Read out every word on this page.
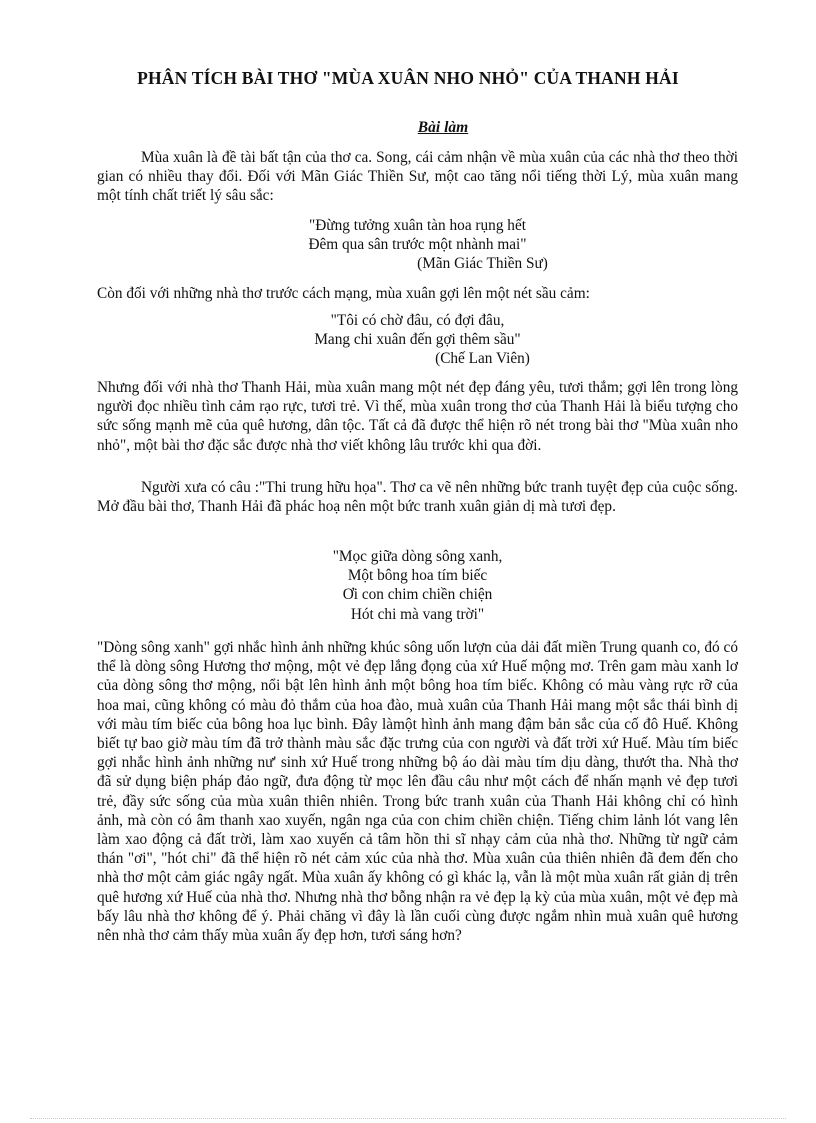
PHÂN TÍCH BÀI THƠ "MÙA XUÂN NHO NHỎ" CỦA THANH HẢI
Bài làm

Mùa xuân là đề tài bất tận của thơ ca. Song, cái cảm nhận về mùa xuân của các nhà thơ theo thời gian có nhiều thay đổi. Đối với Mãn Giác Thiền Sư, một cao tăng nổi tiếng thời Lý, mùa xuân mang một tính chất triết lý sâu sắc:

"Đừng tưởng xuân tàn hoa rụng hết
Đêm qua sân trước một nhành mai"
(Mãn Giác Thiền Sư)

Còn đối với những nhà thơ trước cách mạng, mùa xuân gợi lên một nét sầu cảm:

"Tôi có chờ đâu, có đợi đâu,
Mang chi xuân đến gợi thêm sầu"
(Chế Lan Viên)

Nhưng đối với nhà thơ Thanh Hải, mùa xuân mang một nét đẹp đáng yêu, tươi thắm; gợi lên trong lòng người đọc nhiều tình cảm rạo rực, tươi trẻ. Vì thế, mùa xuân trong thơ của Thanh Hải là biểu tượng cho sức sống mạnh mẽ của quê hương, dân tộc. Tất cả đã được thể hiện rõ nét trong bài thơ "Mùa xuân nho nhỏ", một bài thơ đặc sắc được nhà thơ viết không lâu trước khi qua đời.

Người xưa có câu :"Thi trung hữu họa". Thơ ca vẽ nên những bức tranh tuyệt đẹp của cuộc sống. Mở đầu bài thơ, Thanh Hải đã phác hoạ nên một bức tranh xuân giản dị mà tươi đẹp.

"Mọc giữa dòng sông xanh,
Một bông hoa tím biếc
Ơi con chim chiền chiện
Hót chi mà vang trời"

"Dòng sông xanh" gợi nhắc hình ảnh những khúc sông uốn lượn của dải đất miền Trung quanh co, đó có thể là dòng sông Hương thơ mộng, một vẻ đẹp lắng đọng của xứ Huế mộng mơ. Trên gam màu xanh lơ của dòng sông thơ mộng, nổi bật lên hình ảnh một bông hoa tím biếc. Không có màu vàng rực rỡ của hoa mai, cũng không có màu đỏ thắm của hoa đào, muà xuân của Thanh Hải mang một sắc thái bình dị với màu tím biếc của bông hoa lục bình. Đây làmột hình ảnh mang đậm bản sắc của cố đô Huế. Không biết tự bao giờ màu tím đã trở thành màu sắc đặc trưng của con người và đất trời xứ Huế. Màu tím biếc gợi nhắc hình ảnh những nư' sinh xứ Huế trong những bộ áo dài màu tím dịu dàng, thướt tha. Nhà thơ đã sử dụng biện pháp đảo ngữ, đưa động từ mọc lên đầu câu như một cách để nhấn mạnh vẻ đẹp tươi trẻ, đầy sức sống của mùa xuân thiên nhiên. Trong bức tranh xuân của Thanh Hải không chỉ có hình ảnh, mà còn có âm thanh xao xuyến, ngân nga của con chim chiền chiện. Tiếng chim lảnh lót vang lên làm xao động cả đất trời, làm xao xuyến cả tâm hồn thi sĩ nhạy cảm của nhà thơ. Những từ ngữ cảm thán "ơi", "hót chi" đã thể hiện rõ nét cảm xúc của nhà thơ. Mùa xuân của thiên nhiên đã đem đến cho nhà thơ một cảm giác ngây ngất. Mùa xuân ấy không có gì khác lạ, vẫn là một mùa xuân rất giản dị trên quê hương xứ Huế của nhà thơ. Nhưng nhà thơ bỗng nhận ra vẻ đẹp lạ kỳ của mùa xuân, một vẻ đẹp mà bấy lâu nhà thơ không để ý. Phải chăng vì đây là lần cuối cùng được ngắm nhìn muà xuân quê hương nên nhà thơ cảm thấy mùa xuân ấy đẹp hơn, tươi sáng hơn?
